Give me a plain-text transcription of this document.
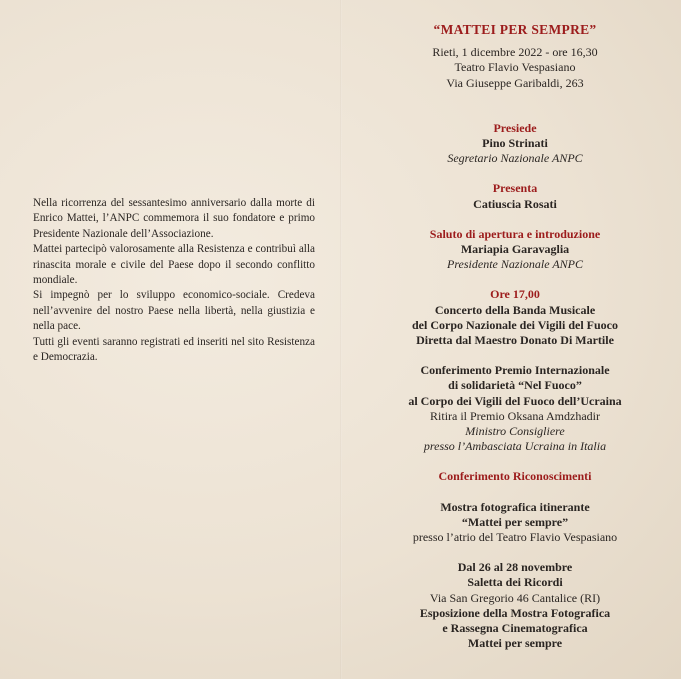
Nella ricorrenza del sessantesimo anniversario dalla morte di Enrico Mattei, l’ANPC commemora il suo fondatore e primo Presidente Nazionale dell’Associazione.

Mattei partecipò valorosamente alla Resistenza e contribuì alla rinascita morale e civile del Paese dopo il secondo conflitto mondiale.

Si impegnò per lo sviluppo economico-sociale. Credeva nell’avvenire del nostro Paese nella libertà, nella giustizia e nella pace.

Tutti gli eventi saranno registrati ed inseriti nel sito Resistenza e Democrazia.

“MATTEI PER SEMPRE”
Rieti, 1 dicembre 2022 - ore 16,30
Teatro Flavio Vespasiano
Via Giuseppe Garibaldi, 263
Presiede
Pino Strinati
Segretario Nazionale ANPC
Presenta
Catiuscia Rosati
Saluto di apertura e introduzione
Mariapia Garavaglia
Presidente Nazionale ANPC
Ore 17,00
Concerto della Banda Musicale
del Corpo Nazionale dei Vigili del Fuoco
Diretta dal Maestro Donato Di Martile
Conferimento Premio Internazionale
di solidarietà “Nel Fuoco”
al Corpo dei Vigili del Fuoco dell’Ucraina
Ritira il Premio Oksana Amdzhadir
Ministro Consigliere
presso l’Ambasciata Ucraina in Italia
Conferimento Riconoscimenti
Mostra fotografica itinerante
“Mattei per sempre”
presso l’atrio del Teatro Flavio Vespasiano
Dal 26 al 28 novembre
Saletta dei Ricordi
Via San Gregorio 46 Cantalice (RI)
Esposizione della Mostra Fotografica
e Rassegna Cinematografica
Mattei per sempre
